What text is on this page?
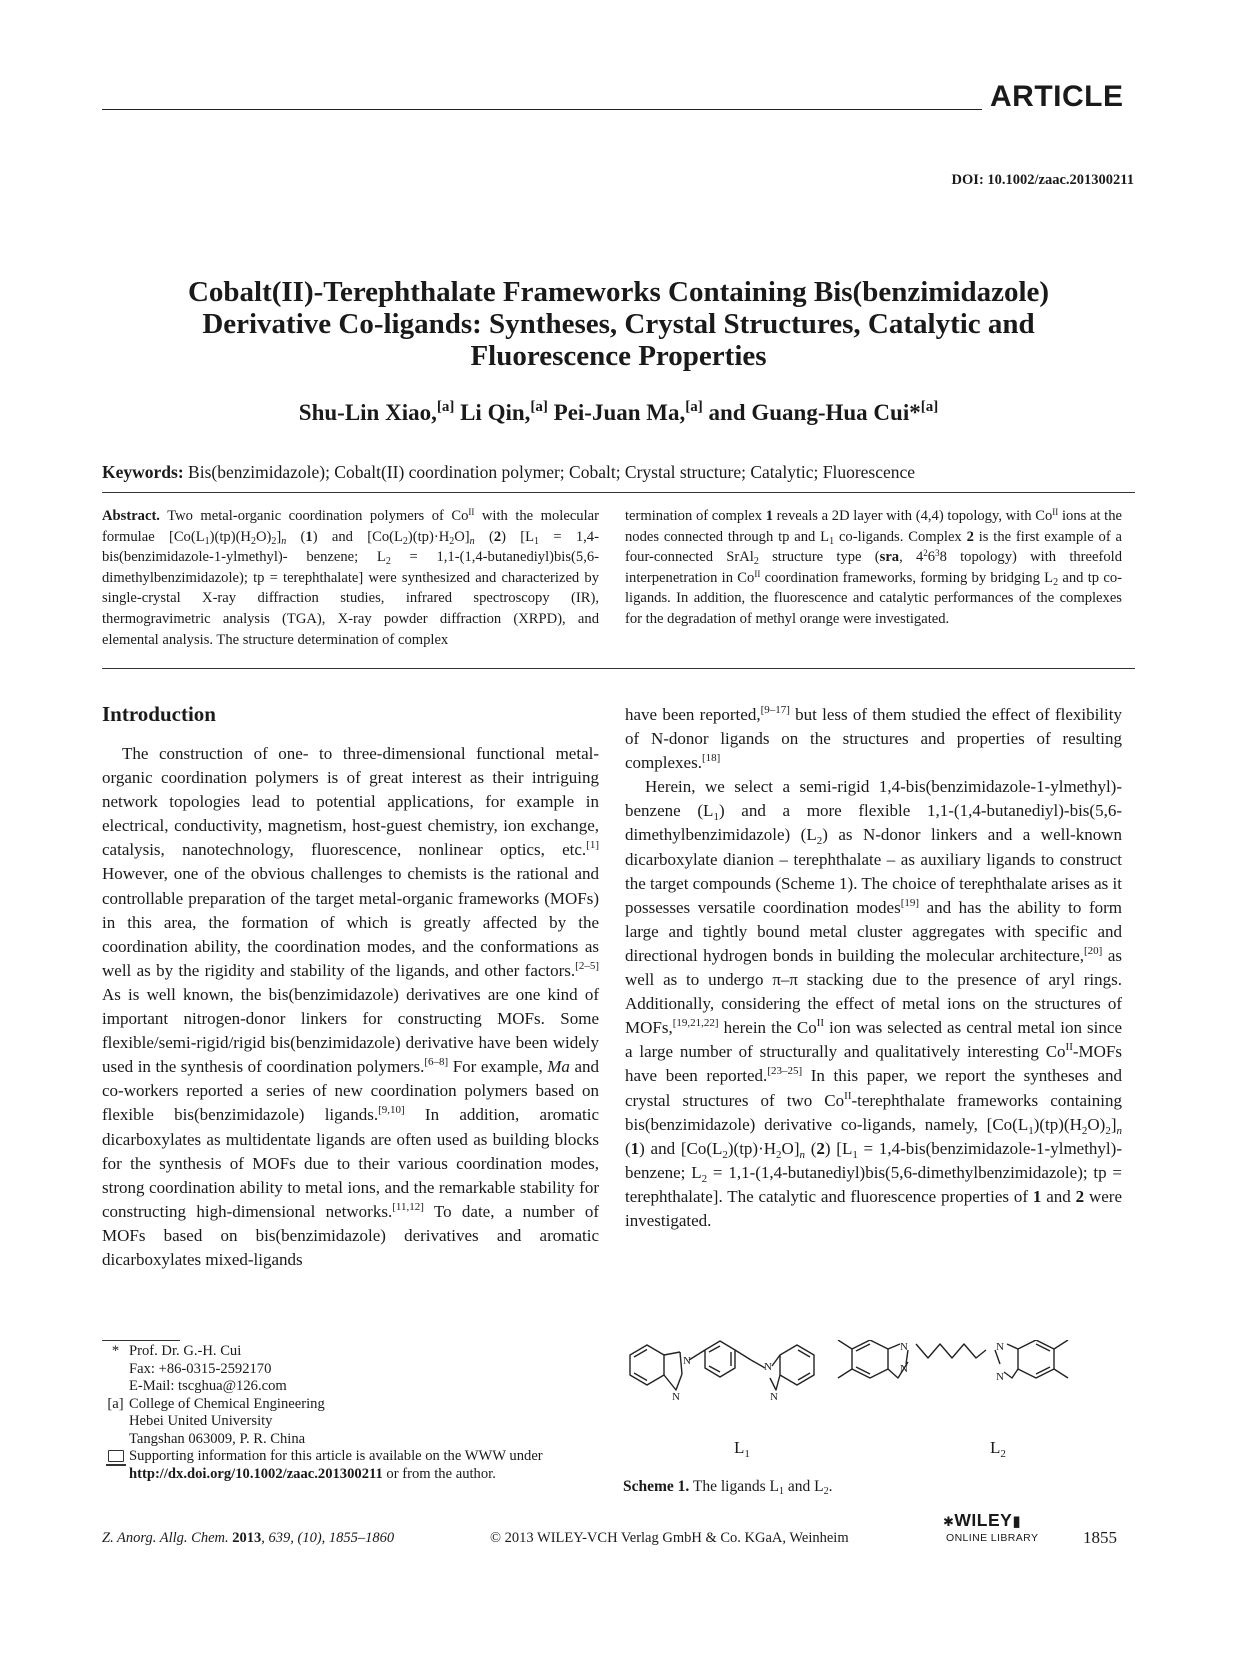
ARTICLE
DOI: 10.1002/zaac.201300211
Cobalt(II)-Terephthalate Frameworks Containing Bis(benzimidazole)
Derivative Co-ligands: Syntheses, Crystal Structures, Catalytic and
Fluorescence Properties
Shu-Lin Xiao,[a] Li Qin,[a] Pei-Juan Ma,[a] and Guang-Hua Cui*[a]
Keywords: Bis(benzimidazole); Cobalt(II) coordination polymer; Cobalt; Crystal structure; Catalytic; Fluorescence
Abstract. Two metal-organic coordination polymers of $Co^{II}$ with the molecular formulae $[Co(L_1)(tp)(H_2O)_2]_n$ (1) and $[Co(L_2)(tp)\cdot H_2O]_n$ (2) [$L_1$ = 1,4-bis(benzimidazole-1-ylmethyl)- benzene; $L_2$ = 1,1-(1,4-butanediyl)bis(5,6-dimethylbenzimidazole); tp = terephthalate] were synthesized and characterized by single-crystal X-ray diffraction studies, infrared spectroscopy (IR), thermogravimetric analysis (TGA), X-ray powder diffraction (XRPD), and elemental analysis. The structure determination of complex
termination of complex 1 reveals a 2D layer with (4,4) topology, with $Co^{II}$ ions at the nodes connected through tp and $L_1$ co-ligands. Complex 2 is the first example of a four-connected SrAl$_2$ structure type (sra, $4^26^38$ topology) with threefold interpenetration in $Co^{II}$ coordination frameworks, forming by bridging $L_2$ and tp co-ligands. In addition, the fluorescence and catalytic performances of the complexes for the degradation of methyl orange were investigated.
Introduction

The construction of one- to three-dimensional functional metal-organic coordination polymers is of great interest as their intriguing network topologies lead to potential applications, for example in electrical, conductivity, magnetism, host-guest chemistry, ion exchange, catalysis, nanotechnology, fluorescence, nonlinear optics, etc.[1] However, one of the obvious challenges to chemists is the rational and controllable preparation of the target metal-organic frameworks (MOFs) in this area, the formation of which is greatly affected by the coordination ability, the coordination modes, and the conformations as well as by the rigidity and stability of the ligands, and other factors.[2–5] As is well known, the bis(benzimidazole) derivatives are one kind of important nitrogen-donor linkers for constructing MOFs. Some flexible/semi-rigid/rigid bis(benzimidazole) derivative have been widely used in the synthesis of coordination polymers.[6–8] For example, Ma and co-workers reported a series of new coordination polymers based on flexible bis(benzimidazole) ligands.[9,10] In addition, aromatic dicarboxylates as multidentate ligands are often used as building blocks for the synthesis of MOFs due to their various coordination modes, strong coordination ability to metal ions, and the remarkable stability for constructing high-dimensional networks.[11,12] To date, a number of MOFs based on bis(benzimidazole) derivatives and aromatic dicarboxylates mixed-ligands

have been reported,[9–17] but less of them studied the effect of flexibility of N-donor ligands on the structures and properties of resulting complexes.[18]

Herein, we select a semi-rigid 1,4-bis(benzimidazole-1-ylmethyl)-benzene $(L_1)$ and a more flexible 1,1-(1,4-butanediyl)-bis(5,6-dimethylbenzimidazole) $(L_2)$ as N-donor linkers and a well-known dicarboxylate dianion – terephthalate – as auxiliary ligands to construct the target compounds (Scheme 1). The choice of terephthalate arises as it possesses versatile coordination modes[19] and has the ability to form large and tightly bound metal cluster aggregates with specific and directional hydrogen bonds in building the molecular architecture,[20] as well as to undergo π–π stacking due to the presence of aryl rings. Additionally, considering the effect of metal ions on the structures of MOFs,[19,21,22] herein the $Co^{II}$ ion was selected as central metal ion since a large number of structurally and qualitatively interesting $Co^{II}$-MOFs have been reported.[23–25] In this paper, we report the syntheses and crystal structures of two $Co^{II}$-terephthalate frameworks containing bis(benzimidazole) derivative co-ligands, namely, $[Co(L_1)(tp)(H_2O)_2]_n$ (1) and $[Co(L_2)(tp)\cdot H_2O]_n$ (2) [$L_1$ = 1,4-bis(benzimidazole-1-ylmethyl)-benzene; $L_2$ = 1,1-(1,4-butanediyl)bis(5,6-dimethylbenzimidazole); tp = terephthalate]. The catalytic and fluorescence properties of 1 and 2 were investigated.

* Prof. Dr. G.-H. Cui
Fax: +86-0315-2592170
E-Mail: tscghua@126.com
[a] College of Chemical Engineering
Hebei United University
Tangshan 063009, P. R. China
Supporting information for this article is available on the WWW under http://dx.doi.org/10.1002/zaac.201300211 or from the author.
N
N
N
N
N
N
N
N
$L_1$	$L_2$
Scheme 1. The ligands $L_1$ and $L_2$.
Z. Anorg. Allg. Chem. 2013, 639, (10), 1855–1860	© 2013 WILEY-VCH Verlag GmbH & Co. KGaA, Weinheim
✱WILEY▮
ONLINE LIBRARY	1855
